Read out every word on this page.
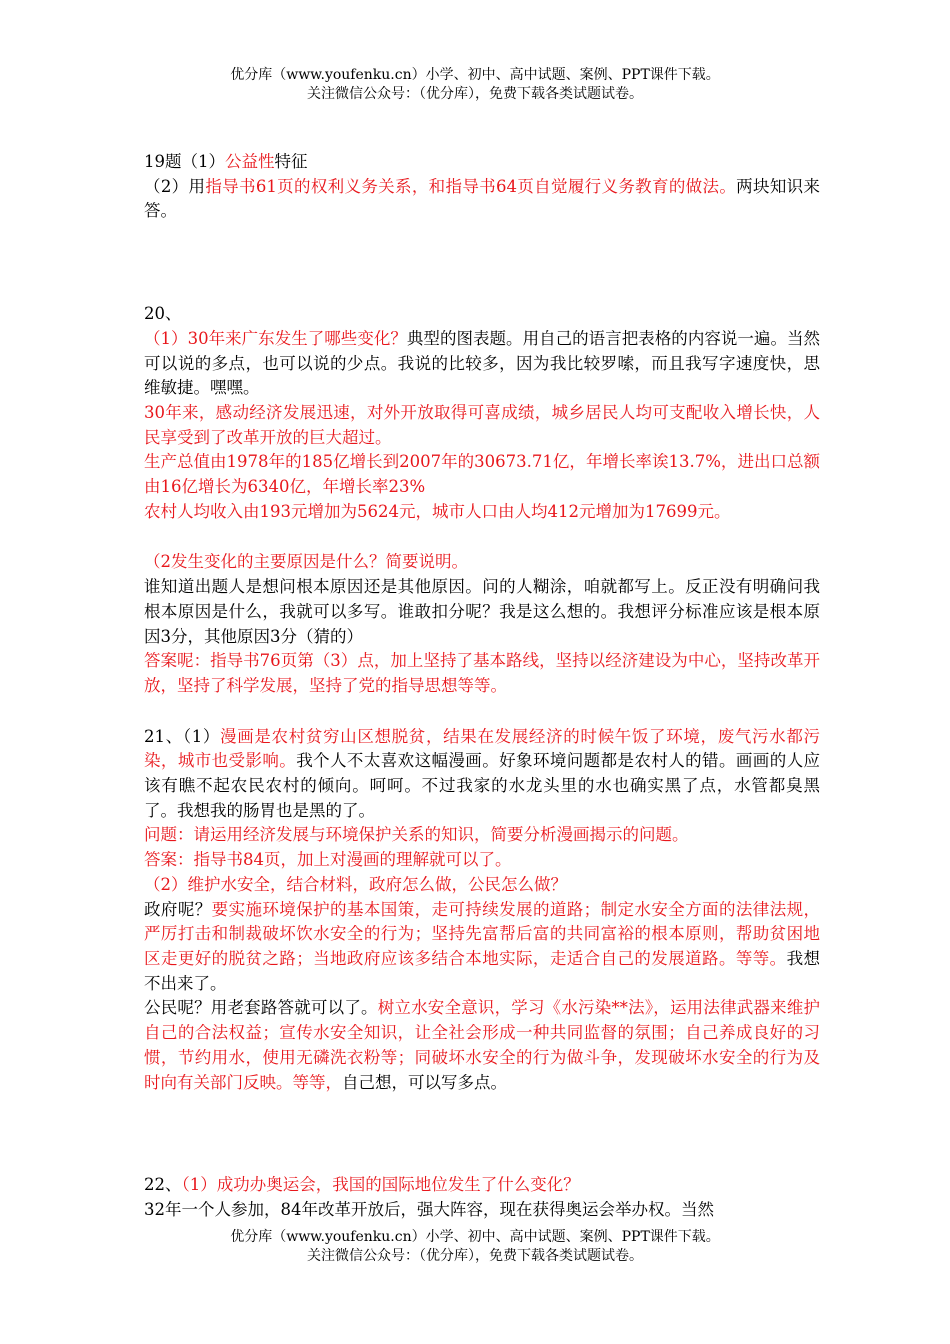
优分库（www.youfenku.cn）小学、初中、高中试题、案例、PPT课件下载。
关注微信公众号：（优分库），免费下载各类试题试卷。

19题（1）公益性特征

（2）用指导书61页的权利义务关系，和指导书64页自觉履行义务教育的做法。两块知识来答。

20、

（1）30年来广东发生了哪些变化？典型的图表题。用自己的语言把表格的内容说一遍。当然可以说的多点，也可以说的少点。我说的比较多，因为我比较罗嗦，而且我写字速度快，思维敏捷。嘿嘿。

30年来，感动经济发展迅速，对外开放取得可喜成绩，城乡居民人均可支配收入增长快，人民享受到了改革开放的巨大超过。

生产总值由1978年的185亿增长到2007年的30673.71亿，年增长率诶13.7%，进出口总额由16亿增长为6340亿，年增长率23%

农村人均收入由193元增加为5624元，城市人口由人均412元增加为17699元。

（2发生变化的主要原因是什么？简要说明。

谁知道出题人是想问根本原因还是其他原因。问的人糊涂，咱就都写上。反正没有明确问我根本原因是什么，我就可以多写。谁敢扣分呢？我是这么想的。我想评分标准应该是根本原因3分，其他原因3分（猜的）

答案呢：指导书76页第（3）点，加上坚持了基本路线，坚持以经济建设为中心，坚持改革开放，坚持了科学发展，坚持了党的指导思想等等。

21、（1）漫画是农村贫穷山区想脱贫，结果在发展经济的时候午饭了环境，废气污水都污染，城市也受影响。我个人不太喜欢这幅漫画。好象环境问题都是农村人的错。画画的人应该有瞧不起农民农村的倾向。呵呵。不过我家的水龙头里的水也确实黑了点，水管都臭黑了。我想我的肠胃也是黑的了。

问题：请运用经济发展与环境保护关系的知识，简要分析漫画揭示的问题。

答案：指导书84页，加上对漫画的理解就可以了。

（2）维护水安全，结合材料，政府怎么做，公民怎么做？

政府呢？要实施环境保护的基本国策，走可持续发展的道路；制定水安全方面的法律法规，严厉打击和制裁破坏饮水安全的行为；坚持先富帮后富的共同富裕的根本原则，帮助贫困地区走更好的脱贫之路；当地政府应该多结合本地实际，走适合自己的发展道路。等等。我想不出来了。

公民呢？用老套路答就可以了。树立水安全意识，学习《水污染**法》，运用法律武器来维护自己的合法权益；宣传水安全知识，让全社会形成一种共同监督的氛围；自己养成良好的习惯，节约用水，使用无磷洗衣粉等；同破坏水安全的行为做斗争，发现破坏水安全的行为及时向有关部门反映。等等，自己想，可以写多点。

22、（1）成功办奥运会，我国的国际地位发生了什么变化？

32年一个人参加，84年改革开放后，强大阵容，现在获得奥运会举办权。当然

优分库（www.youfenku.cn）小学、初中、高中试题、案例、PPT课件下载。
关注微信公众号：（优分库），免费下载各类试题试卷。
